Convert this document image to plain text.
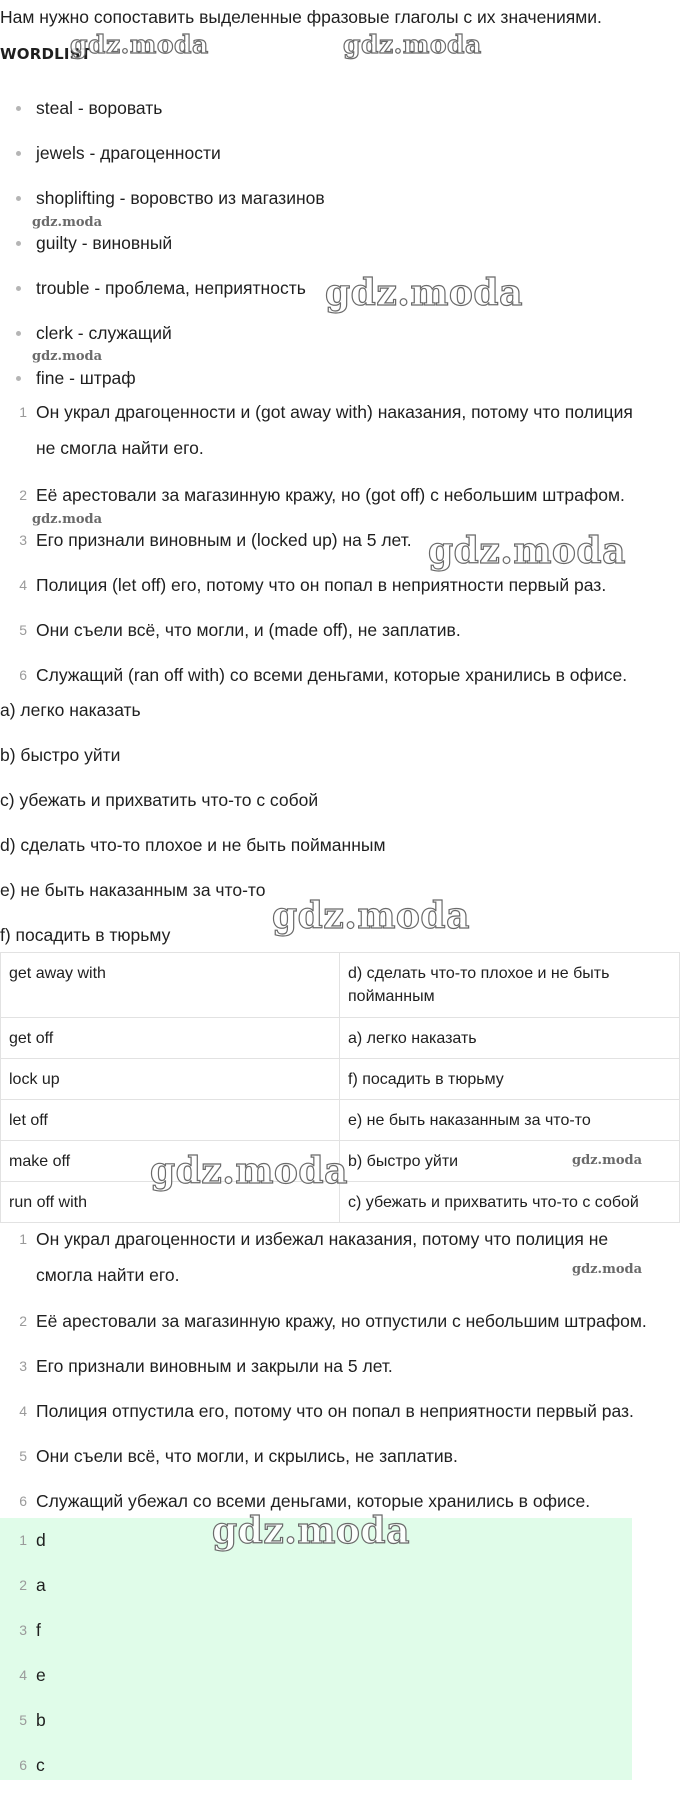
Нам нужно сопоставить выделенные фразовые глаголы с их значениями.
WORDLIST
steal - воровать
jewels - драгоценности
shoplifting - воровство из магазинов
guilty - виновный
trouble - проблема, неприятность
clerk - служащий
fine - штраф
1 Он украл драгоценности и (got away with) наказания, потому что полиция
не смогла найти его.
2 Её арестовали за магазинную кражу, но (got off) с небольшим штрафом.
3 Его признали виновным и (locked up) на 5 лет.
4 Полиция (let off) его, потому что он попал в неприятности первый раз.
5 Они съели всё, что могли, и (made off), не заплатив.
6 Служащий (ran off with) со всеми деньгами, которые хранились в офисе.
a) легко наказать
b) быстро уйти
c) убежать и прихватить что-то с собой
d) сделать что-то плохое и не быть пойманным
e) не быть наказанным за что-то
f) посадить в тюрьму
get away with	d) сделать что-то плохое и не быть
пойманным

get off	a) легко наказать
lock up	f) посадить в тюрьму
let off	e) не быть наказанным за что-то
make off	b) быстро уйти
run off with	c) убежать и прихватить что-то с собой
1 Он украл драгоценности и избежал наказания, потому что полиция не
смогла найти его.
2 Её арестовали за магазинную кражу, но отпустили с небольшим штрафом.
3 Его признали виновным и закрыли на 5 лет.
4 Полиция отпустила его, потому что он попал в неприятности первый раз.
5 Они съели всё, что могли, и скрылись, не заплатив.
6 Служащий убежал со всеми деньгами, которые хранились в офисе.
1 d
2 a
3 f
4 e
5 b
6 c
gdz.moda	gdz.moda
gdz.moda
gdz.moda
gdz.moda
gdz.moda
gdz.moda
gdz.moda
gdz.moda	gdz.moda
gdz.moda
gdz.moda
